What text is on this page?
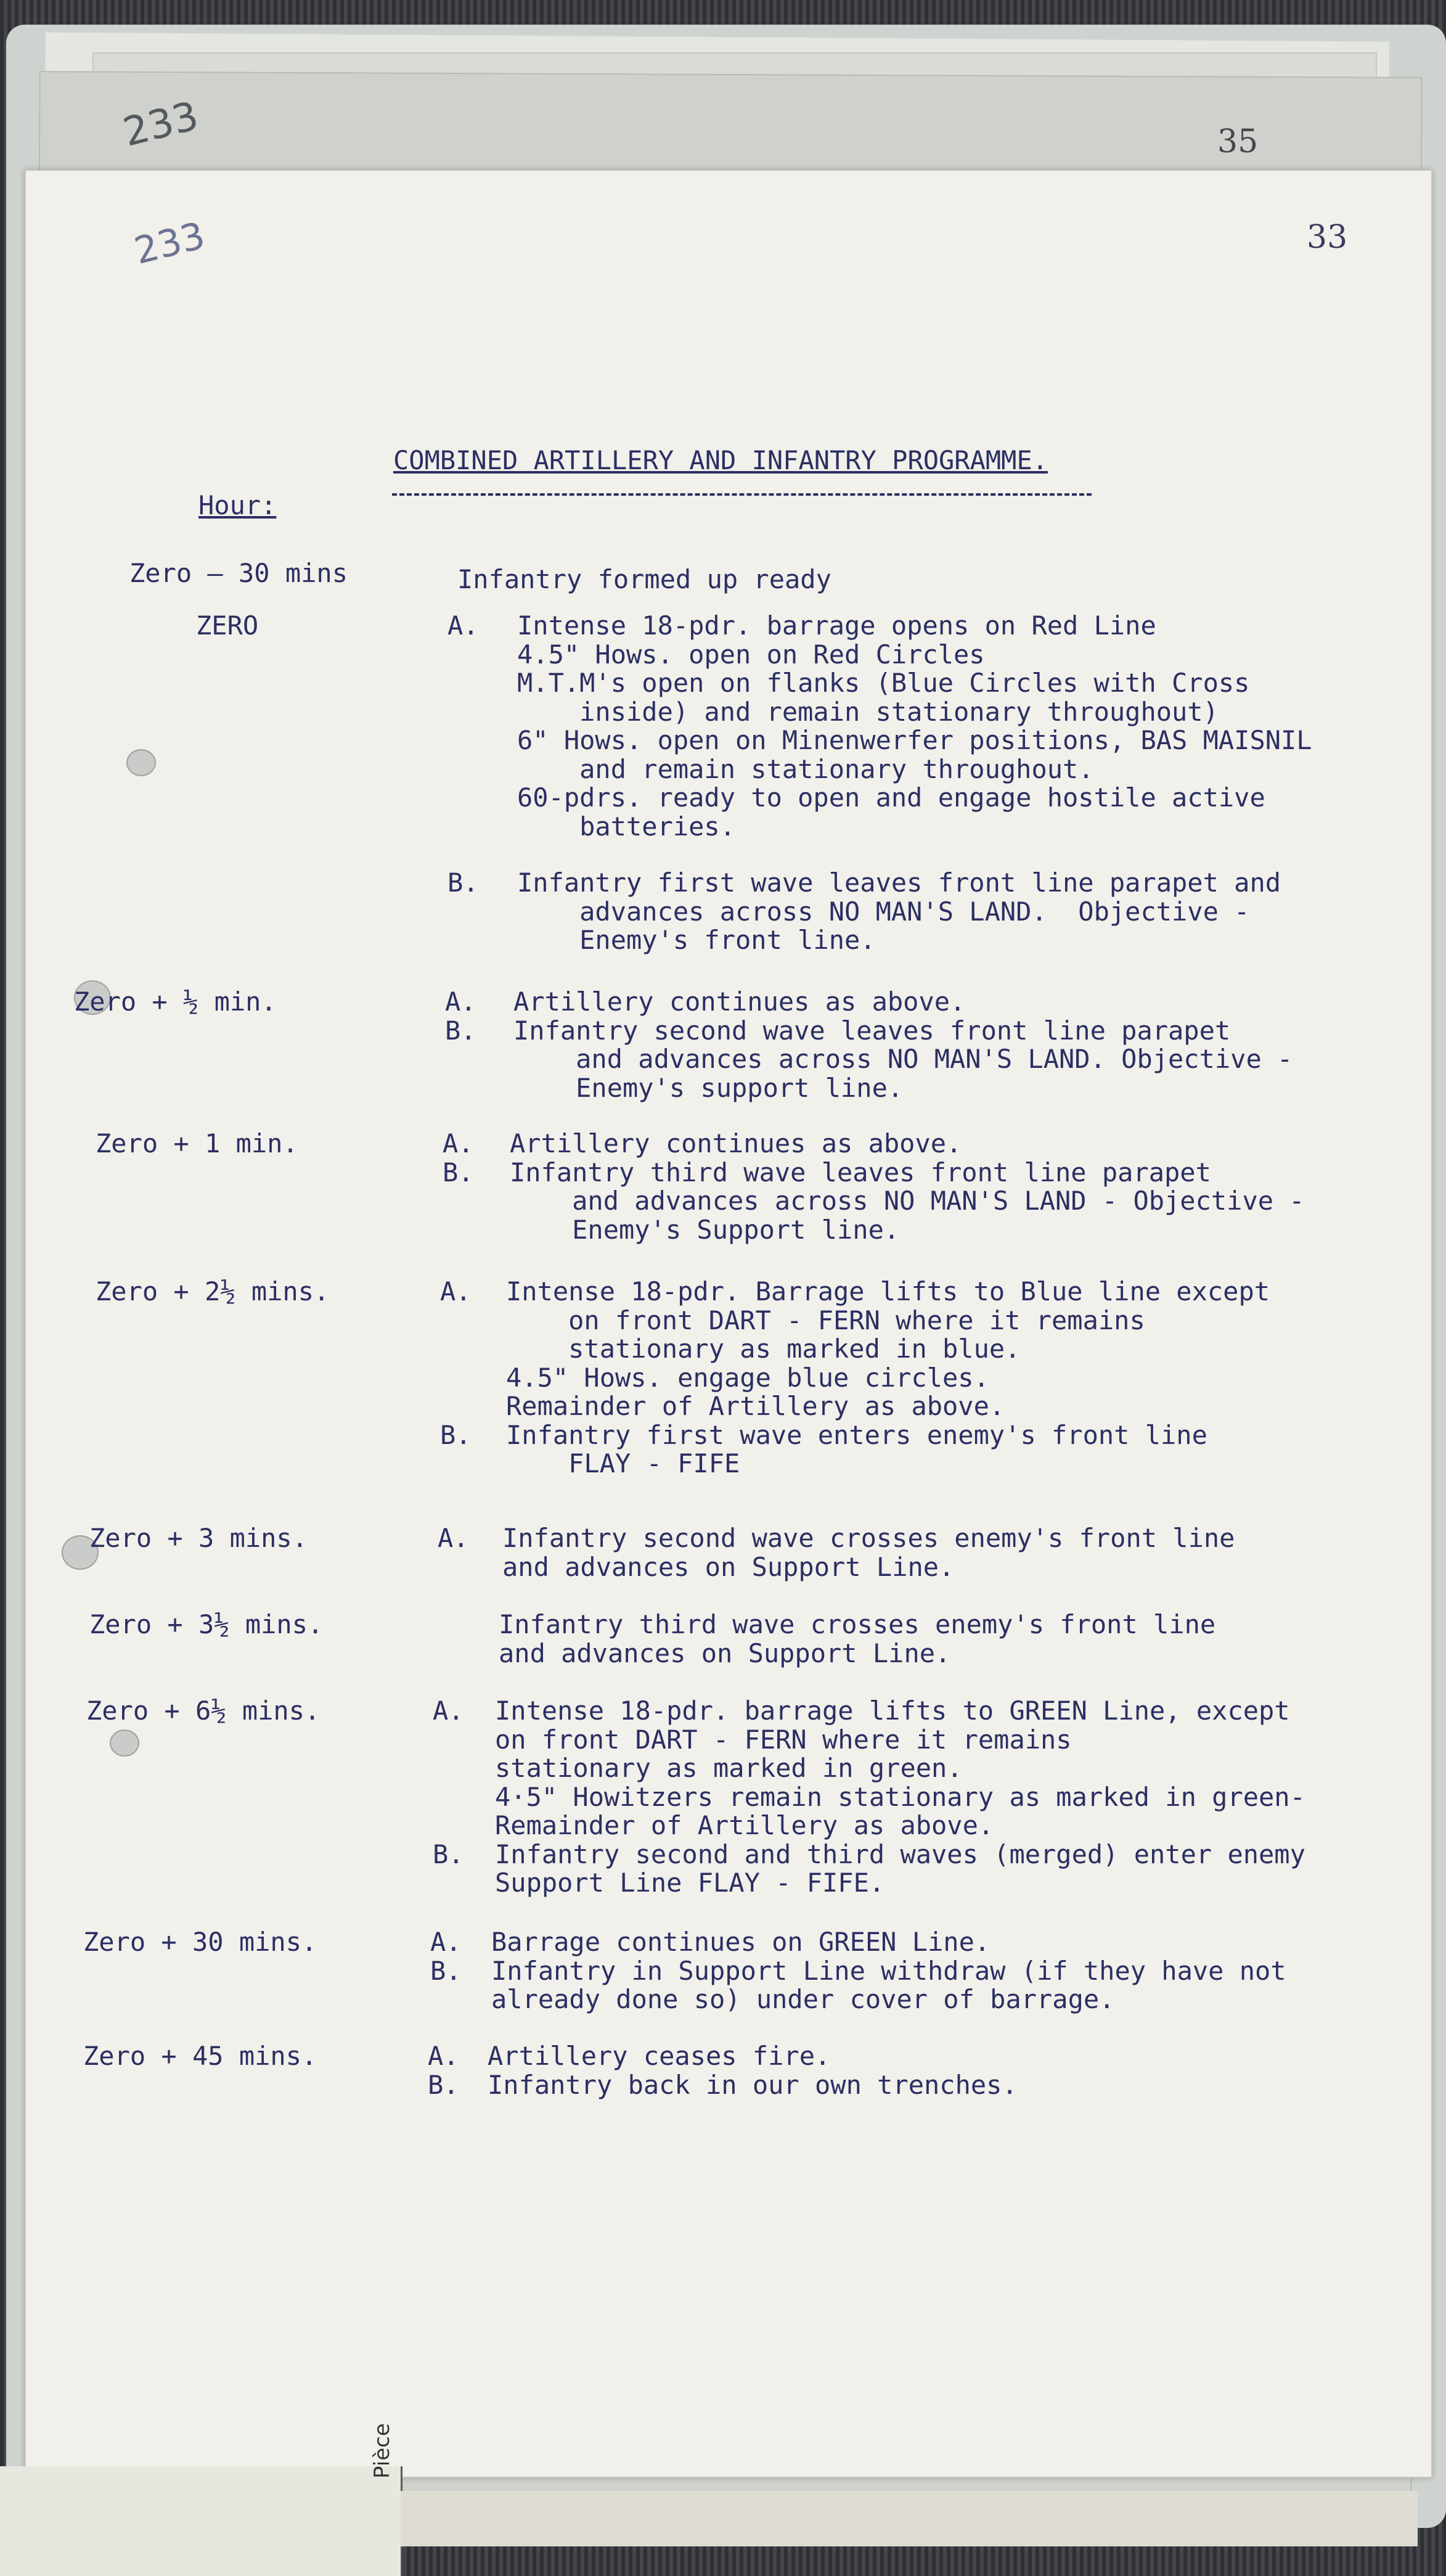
233	35
233	33
COMBINED ARTILLERY AND INFANTRY PROGRAMME.
Hour:
Zero — 30 mins	Infantry formed up ready
ZERO	A. Intense 18-pdr. barrage opens on Red Line
4.5" Hows. open on Red Circles
M.T.M's open on flanks (Blue Circles with Cross
inside) and remain stationary throughout)
6" Hows. open on Minenwerfer positions, BAS MAISNIL
and remain stationary throughout.
60-pdrs. ready to open and engage hostile active
batteries.
B. Infantry first wave leaves front line parapet and
advances across NO MAN'S LAND.  Objective -
Enemy's front line.
Zero + ½ min.	A. Artillery continues as above.
B. Infantry second wave leaves front line parapet
and advances across NO MAN'S LAND. Objective -
Enemy's support line.
Zero + 1 min.	A. Artillery continues as above.
B. Infantry third wave leaves front line parapet
and advances across NO MAN'S LAND - Objective -
Enemy's Support line.
Zero + 2½ mins.	A. Intense 18-pdr. Barrage lifts to Blue line except
on front DART - FERN where it remains
stationary as marked in blue.
4.5" Hows. engage blue circles.
Remainder of Artillery as above.
B. Infantry first wave enters enemy's front line
FLAY - FIFE
Zero + 3 mins.	A. Infantry second wave crosses enemy's front line
and advances on Support Line.
Zero + 3½ mins.	Infantry third wave crosses enemy's front line
and advances on Support Line.
Zero + 6½ mins.	A. Intense 18-pdr. barrage lifts to GREEN Line, except
on front DART - FERN where it remains
stationary as marked in green.
4·5" Howitzers remain stationary as marked in green-
Remainder of Artillery as above.
B. Infantry second and third waves (merged) enter enemy
Support Line FLAY - FIFE.
Zero + 30 mins.	A. Barrage continues on GREEN Line.
B. Infantry in Support Line withdraw (if they have not
already done so) under cover of barrage.
Zero + 45 mins.	A. Artillery ceases fire.
B. Infantry back in our own trenches.
Pièce
